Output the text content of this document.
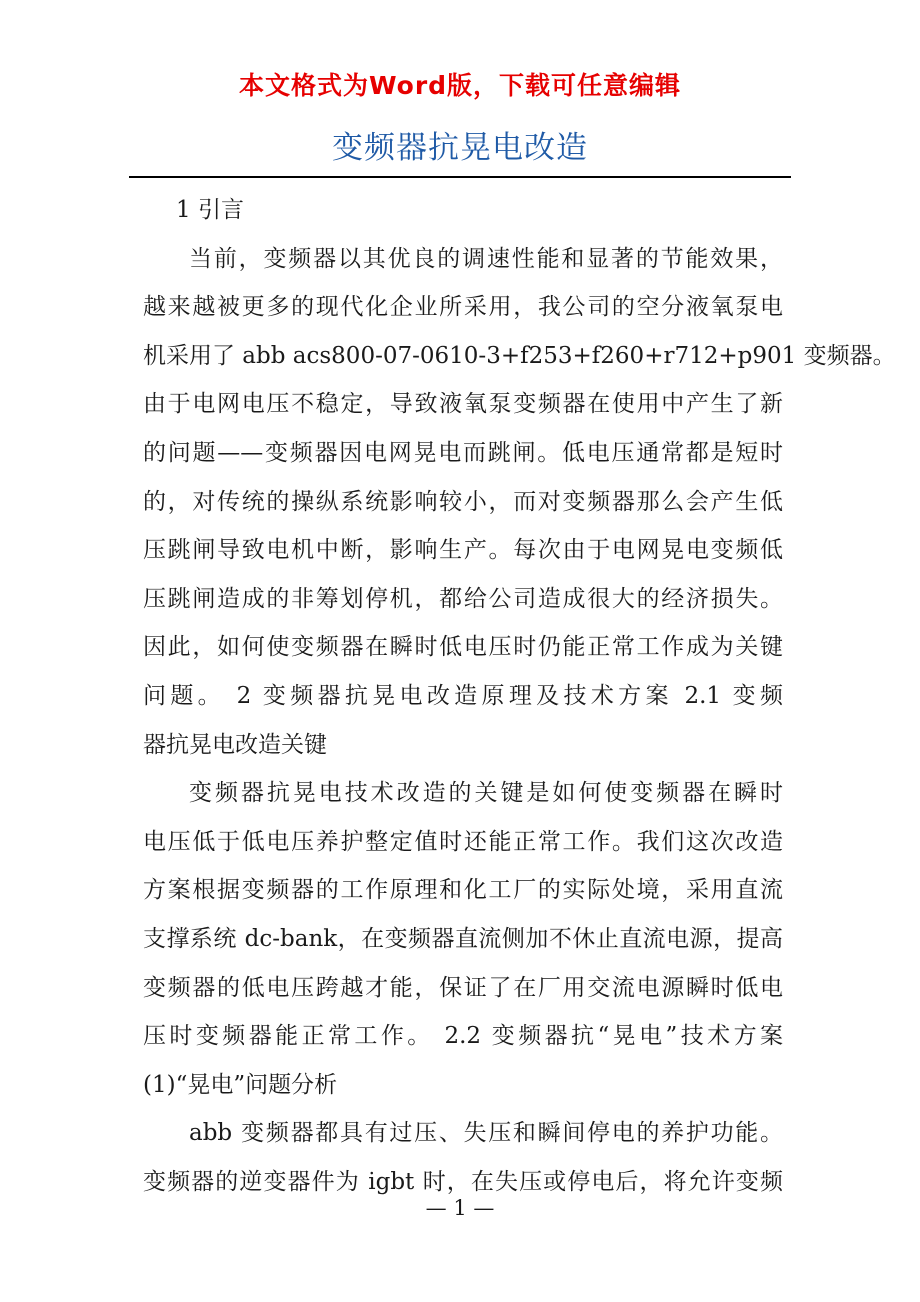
本文格式为Word版，下载可任意编辑
变频器抗晃电改造
1 引言
当前，变频器以其优良的调速性能和显著的节能效果，
越来越被更多的现代化企业所采用，我公司的空分液氧泵电
机采用了 abb acs800-07-0610-3+f253+f260+r712+p901 变频器。
由于电网电压不稳定，导致液氧泵变频器在使用中产生了新
的问题——变频器因电网晃电而跳闸。低电压通常都是短时
的，对传统的操纵系统影响较小，而对变频器那么会产生低
压跳闸导致电机中断，影响生产。每次由于电网晃电变频低
压跳闸造成的非筹划停机，都给公司造成很大的经济损失。
因此，如何使变频器在瞬时低电压时仍能正常工作成为关键
问题。 2 变频器抗晃电改造原理及技术方案 2.1 变频
器抗晃电改造关键
变频器抗晃电技术改造的关键是如何使变频器在瞬时
电压低于低电压养护整定值时还能正常工作。我们这次改造
方案根据变频器的工作原理和化工厂的实际处境，采用直流
支撑系统 dc-bank，在变频器直流侧加不休止直流电源，提高
变频器的低电压跨越才能，保证了在厂用交流电源瞬时低电
压时变频器能正常工作。 2.2 变频器抗“晃电”技术方案
(1)“晃电”问题分析
abb 变频器都具有过压、失压和瞬间停电的养护功能。
变频器的逆变器件为 igbt 时，在失压或停电后，将允许变频
— 1 —
